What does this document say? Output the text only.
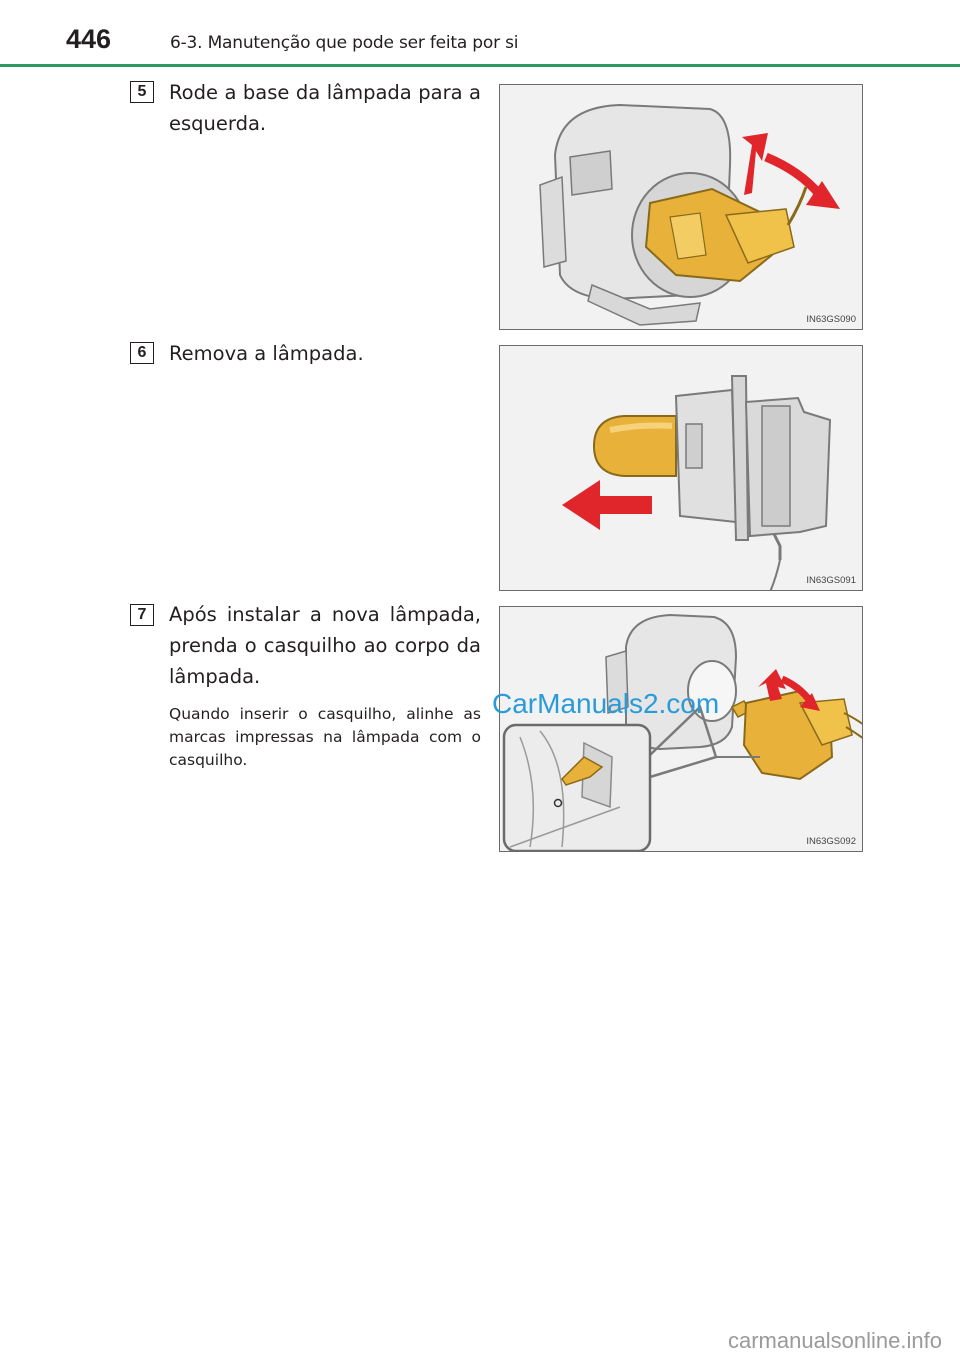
446	6-3. Manutenção que pode ser feita por si
5	Rode a base da lâmpada para a esquerda.
IN63GS090
6	Remova a lâmpada.
IN63GS091
7	Após instalar a nova lâmpada, prenda o casquilho ao corpo da lâmpada.
Quando inserir o casquilho, alinhe as marcas impressas na lâmpada com o casquilho.
IN63GS092
CarManuals2.com
carmanualsonline.info
